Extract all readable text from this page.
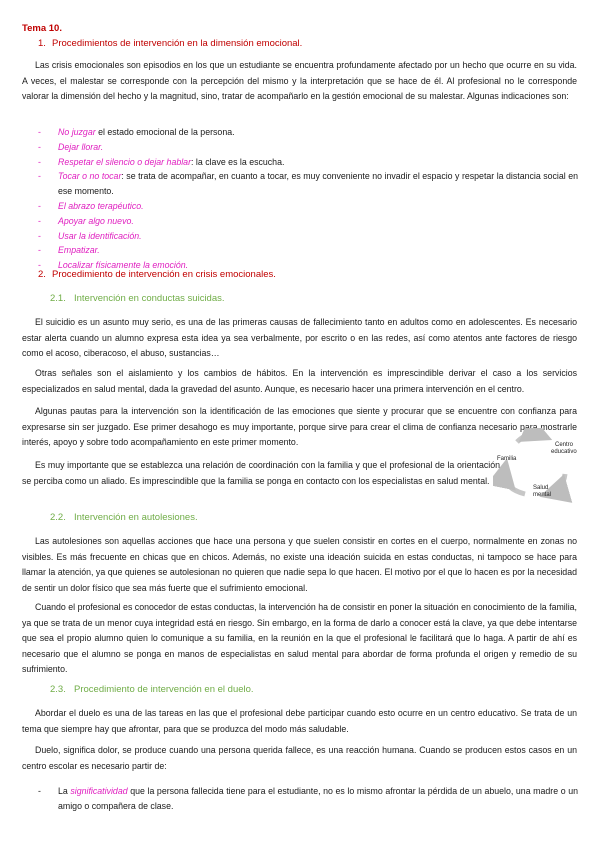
Tema 10.
1. Procedimientos de intervención en la dimensión emocional.

Las crisis emocionales son episodios en los que un estudiante se encuentra profundamente afectado por un hecho que ocurre en su vida. A veces, el malestar se corresponde con la percepción del mismo y la interpretación que se hace de él. Al profesional no le corresponde valorar la dimensión del hecho y la magnitud, sino, tratar de acompañarlo en la gestión emocional de su malestar. Algunas indicaciones son:

- No juzgar el estado emocional de la persona.
- Dejar llorar.
- Respetar el silencio o dejar hablar: la clave es la escucha.
- Tocar o no tocar: se trata de acompañar, en cuanto a tocar, es muy conveniente no invadir el espacio y respetar la distancia social en ese momento.
- El abrazo terapéutico.
- Apoyar algo nuevo.
- Usar la identificación.
- Empatizar.
- Localizar físicamente la emoción.
2. Procedimiento de intervención en crisis emocionales.
2.1. Intervención en conductas suicidas.

El suicidio es un asunto muy serio, es una de las primeras causas de fallecimiento tanto en adultos como en adolescentes. Es necesario estar alerta cuando un alumno expresa esta idea ya sea verbalmente, por escrito o en las redes, así como atentos ante factores de riesgo como el acoso, ciberacoso, el abuso, sustancias…

Otras señales son el aislamiento y los cambios de hábitos. En la intervención es imprescindible derivar el caso a los servicios especializados en salud mental, dada la gravedad del asunto. Aunque, es necesario hacer una primera intervención en el centro.

Algunas pautas para la intervención son la identificación de las emociones que siente y procurar que se encuentre con confianza para expresarse sin ser juzgado. Ese primer desahogo es muy importante, porque sirve para crear el clima de confianza necesario para mostrarle interés, apoyo y sobre todo acompañamiento en este primer momento.

Es muy importante que se establezca una relación de coordinación con la familia y que el profesional de la orientación se perciba como un aliado. Es imprescindible que la familia se ponga en contacto con los especialistas en salud mental.

Familia
Centro
educativo
Salud
mental
2.2. Intervención en autolesiones.

Las autolesiones son aquellas acciones que hace una persona y que suelen consistir en cortes en el cuerpo, normalmente en zonas no visibles. Es más frecuente en chicas que en chicos. Además, no existe una ideación suicida en estas conductas, ni tampoco se hace para llamar la atención, ya que quienes se autolesionan no quieren que nadie sepa lo que hacen. El motivo por el que lo hacen es por la necesidad de sentir un dolor físico que sea más fuerte que el sufrimiento emocional.

Cuando el profesional es conocedor de estas conductas, la intervención ha de consistir en poner la situación en conocimiento de la familia, ya que se trata de un menor cuya integridad está en riesgo. Sin embargo, en la forma de darlo a conocer está la clave, ya que debe intentarse que sea el propio alumno quien lo comunique a su familia, en la reunión en la que el profesional le facilitará que lo haga. A partir de ahí es necesario que el alumno se ponga en manos de especialistas en salud mental para abordar de forma profunda el origen y remedio de su sufrimiento.

2.3. Procedimiento de intervención en el duelo.

Abordar el duelo es una de las tareas en las que el profesional debe participar cuando esto ocurre en un centro educativo. Se trata de un tema que siempre hay que afrontar, para que se produzca del modo más saludable.

Duelo, significa dolor, se produce cuando una persona querida fallece, es una reacción humana. Cuando se producen estos casos en un centro escolar es necesario partir de:

- La significatividad que la persona fallecida tiene para el estudiante, no es lo mismo afrontar la pérdida de un abuelo, una madre o un amigo o compañera de clase.
